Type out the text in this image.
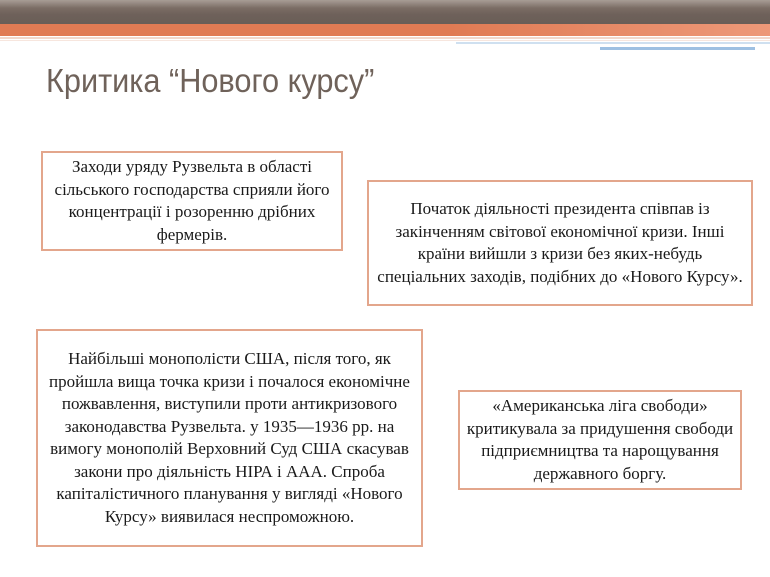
Критика “Нового курсу”
Заходи уряду Рузвельта в області сільського господарства сприяли його концентрації і розоренню дрібних фермерів.
Початок діяльності президента співпав із закінченням світової економічної кризи. Інші країни вийшли з кризи без яких-небудь спеціальних заходів, подібних до «Нового Курсу».
Найбільші монополісти США, після того, як пройшла вища точка кризи і почалося економічне пожвавлення, виступили проти антикризового законодавства Рузвельта. у 1935—1936 рр. на вимогу монополій Верховний Суд США скасував закони про діяльність НІРА і ААА. Спроба капіталістичного планування у вигляді «Нового Курсу» виявилася неспроможною.
«Американська ліга свободи» критикувала за придушення свободи підприємництва та нарощування державного боргу.
